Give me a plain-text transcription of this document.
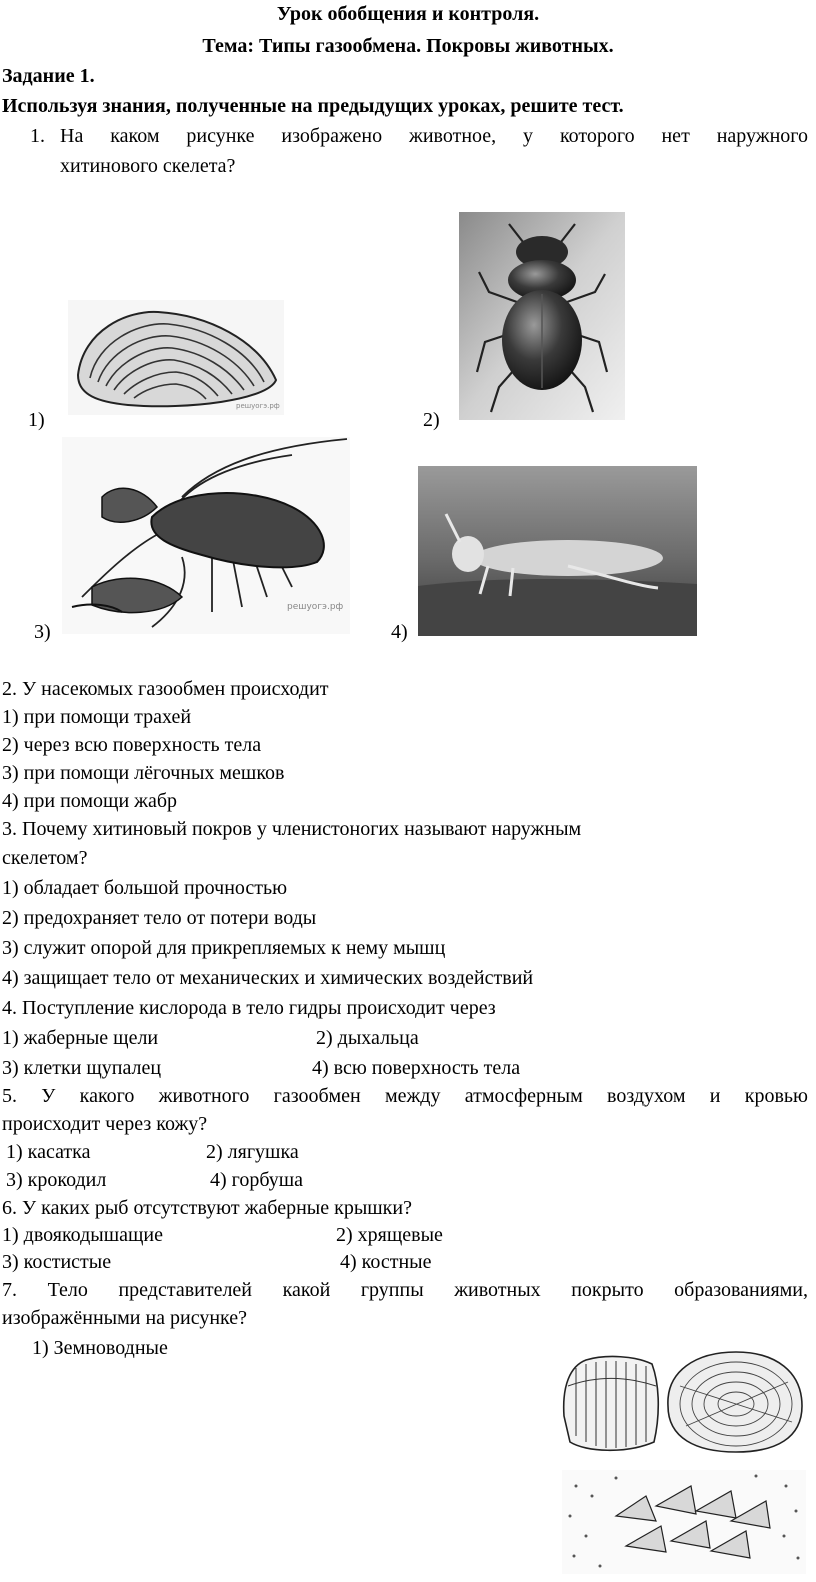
Урок обобщения и контроля.
Тема: Типы газообмена. Покровы животных.
Задание 1.
Используя знания, полученные на предыдущих уроках, решите тест.
1. На каком рисунке изображено животное, у которого нет наружного
хитинового скелета?
решуогэ.рф
1)	2)
решуогэ.рф
3)	4)
2. У насекомых газообмен происходит
1) при помощи трахей
2) через всю поверхность тела
3) при помощи лёгочных мешков
4) при помощи жабр
3. Почему хитиновый покров у членистоногих называют наружным
скелетом?
1) обладает большой прочностью
2) предохраняет тело от потери воды
3) служит опорой для прикрепляемых к нему мышц
4) защищает тело от механических и химических воздействий
4. Поступление кислорода в тело гидры происходит через
1) жаберные щели	2) дыхальца
3) клетки щупалец	4) всю поверхность тела
5. У какого животного газообмен между атмосферным воздухом и кровью
происходит через кожу?
1) касатка	2) лягушка
3) крокодил	4) горбуша
6. У каких рыб отсутствуют жаберные крышки?
1) двоякодышащие	2) хрящевые
3) костистые	4) костные
7. Тело представителей какой группы животных покрыто образованиями,
изображёнными на рисунке?
1) Земноводные
